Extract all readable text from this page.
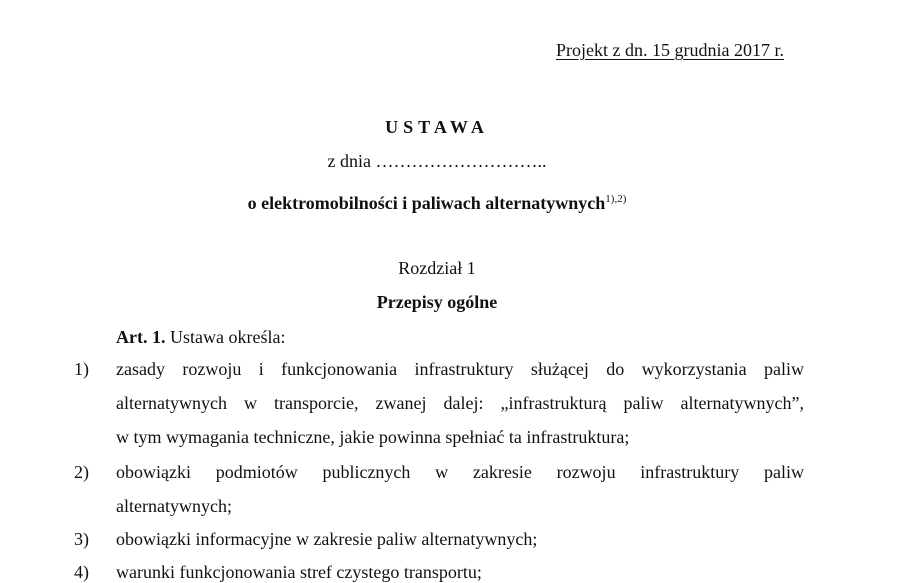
Projekt z dn. 15 grudnia 2017 r.
USTAWA
z dnia ………………………..
o elektromobilności i paliwach alternatywnych$^{1),2)}$
Rozdział 1
Przepisy ogólne
Art. 1. Ustawa określa:
1) zasady rozwoju i funkcjonowania infrastruktury służącej do wykorzystania paliw
alternatywnych w transporcie, zwanej dalej: „infrastrukturą paliw alternatywnych”,
w tym wymagania techniczne, jakie powinna spełniać ta infrastruktura;
2) obowiązki podmiotów publicznych w zakresie rozwoju infrastruktury paliw
alternatywnych;
3) obowiązki informacyjne w zakresie paliw alternatywnych;
4) warunki funkcjonowania stref czystego transportu;
